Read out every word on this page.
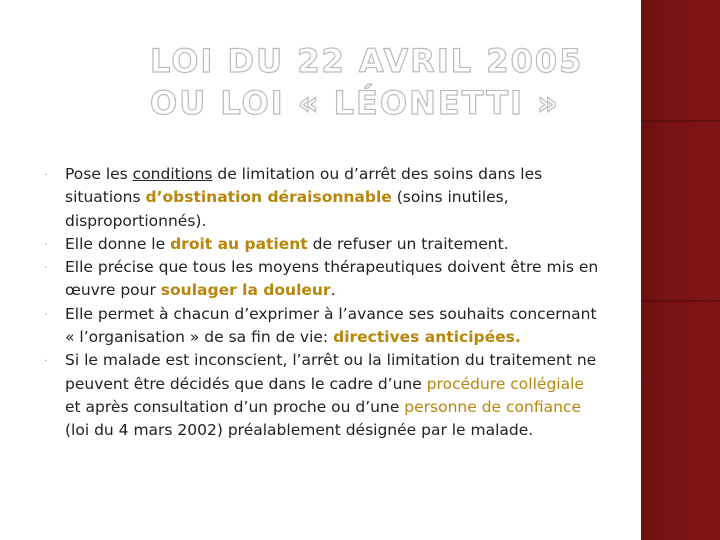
LOI DU 22 AVRIL 2005
OU LOI « LÉONETTI »
· Pose les conditions de limitation ou d’arrêt des soins dans les situations d’obstination déraisonnable (soins inutiles, disproportionnés).
· Elle donne le droit au patient de refuser un traitement.
· Elle précise que tous les moyens thérapeutiques doivent être mis en œuvre pour soulager la douleur.
· Elle permet à chacun d’exprimer à l’avance ses souhaits concernant « l’organisation » de sa fin de vie: directives anticipées.
· Si le malade est inconscient, l’arrêt ou la limitation du traitement ne peuvent être décidés que dans le cadre d’une procédure collégiale et après consultation d’un proche ou d’une personne de confiance (loi du 4 mars 2002) préalablement désignée par le malade.
